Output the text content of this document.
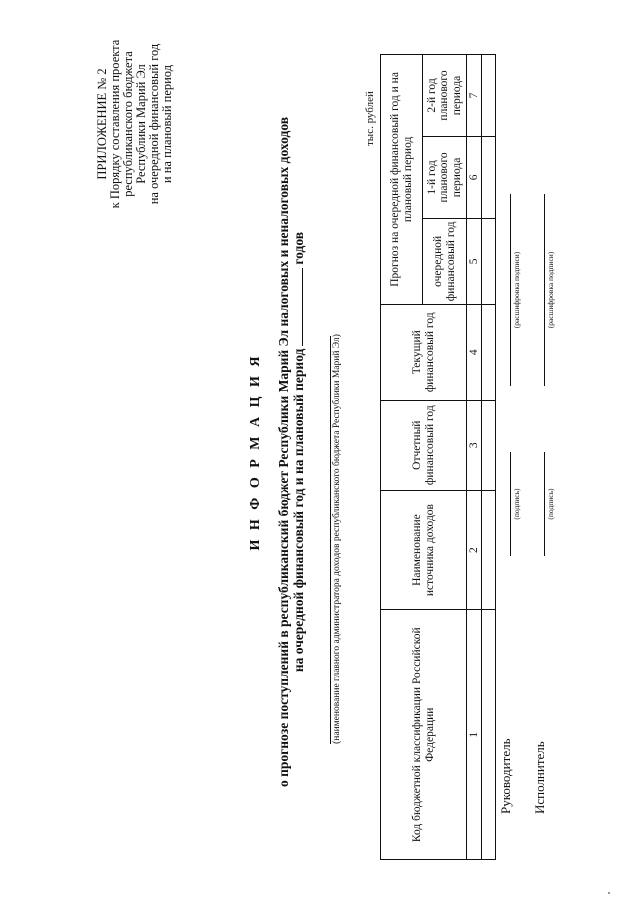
ПРИЛОЖЕНИЕ № 2 к Порядку составления проекта республиканского бюджета Республики Марий Эл на очередной финансовый год и на плановый период
И Н Ф О Р М А Ц И Я о прогнозе поступлений в республиканский бюджет Республики Марий Эл налоговых и неналоговых доходов на очередной финансовый год и на плановый периодгодов
(наименование главного администратора доходов республиканского бюджета Республики Марий Эл)
тыс. рублей
Код бюджетной классификации Российской Федерации	Наименование источника доходов	Отчетный финансовый год	Текущий финансовый год	Прогноз на очередной финансовый год и на плановый период		
				очередной финансовый год	1-й год планового периода	2-й год планового периода
1	2	3	4	5	6	7

Руководитель
(подпись)
(расшифровка подписи)
Исполнитель
(подпись)
(расшифровка подписи)
